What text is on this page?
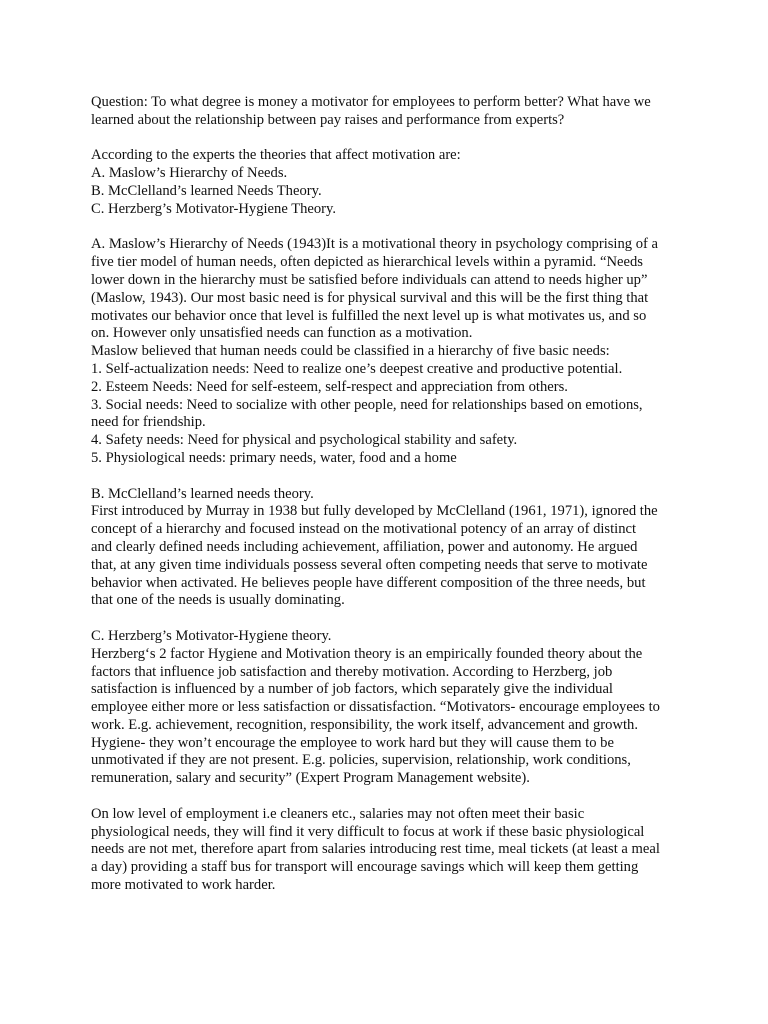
Question: To what degree is money a motivator for employees to perform better? What have we
learned about the relationship between pay raises and performance from experts?
According to the experts the theories that affect motivation are:
A. Maslow’s Hierarchy of Needs.
B. McClelland’s learned Needs Theory.
C. Herzberg’s Motivator-Hygiene Theory.
A. Maslow’s Hierarchy of Needs (1943)It is a motivational theory in psychology comprising of a
five tier model of human needs, often depicted as hierarchical levels within a pyramid. “Needs
lower down in the hierarchy must be satisfied before individuals can attend to needs higher up”
(Maslow, 1943). Our most basic need is for physical survival and this will be the first thing that
motivates our behavior once that level is fulfilled the next level up is what motivates us, and so
on. However only unsatisfied needs can function as a motivation.
Maslow believed that human needs could be classified in a hierarchy of five basic needs:
1. Self-actualization needs: Need to realize one’s deepest creative and productive potential.
2. Esteem Needs: Need for self-esteem, self-respect and appreciation from others.
3. Social needs: Need to socialize with other people, need for relationships based on emotions,
need for friendship.
4. Safety needs: Need for physical and psychological stability and safety.
5. Physiological needs: primary needs, water, food and a home
B. McClelland’s learned needs theory.
First introduced by Murray in 1938 but fully developed by McClelland (1961, 1971), ignored the
concept of a hierarchy and focused instead on the motivational potency of an array of distinct
and clearly defined needs including achievement, affiliation, power and autonomy. He argued
that, at any given time individuals possess several often competing needs that serve to motivate
behavior when activated. He believes people have different composition of the three needs, but
that one of the needs is usually dominating.
C. Herzberg’s Motivator-Hygiene theory.
Herzberg‘s 2 factor Hygiene and Motivation theory is an empirically founded theory about the
factors that influence job satisfaction and thereby motivation. According to Herzberg, job
satisfaction is influenced by a number of job factors, which separately give the individual
employee either more or less satisfaction or dissatisfaction. “Motivators- encourage employees to
work. E.g. achievement, recognition, responsibility, the work itself, advancement and growth.
Hygiene- they won’t encourage the employee to work hard but they will cause them to be
unmotivated if they are not present. E.g. policies, supervision, relationship, work conditions,
remuneration, salary and security” (Expert Program Management website).
On low level of employment i.e cleaners etc., salaries may not often meet their basic
physiological needs, they will find it very difficult to focus at work if these basic physiological
needs are not met, therefore apart from salaries introducing rest time, meal tickets (at least a meal
a day) providing a staff bus for transport will encourage savings which will keep them getting
more motivated to work harder.
